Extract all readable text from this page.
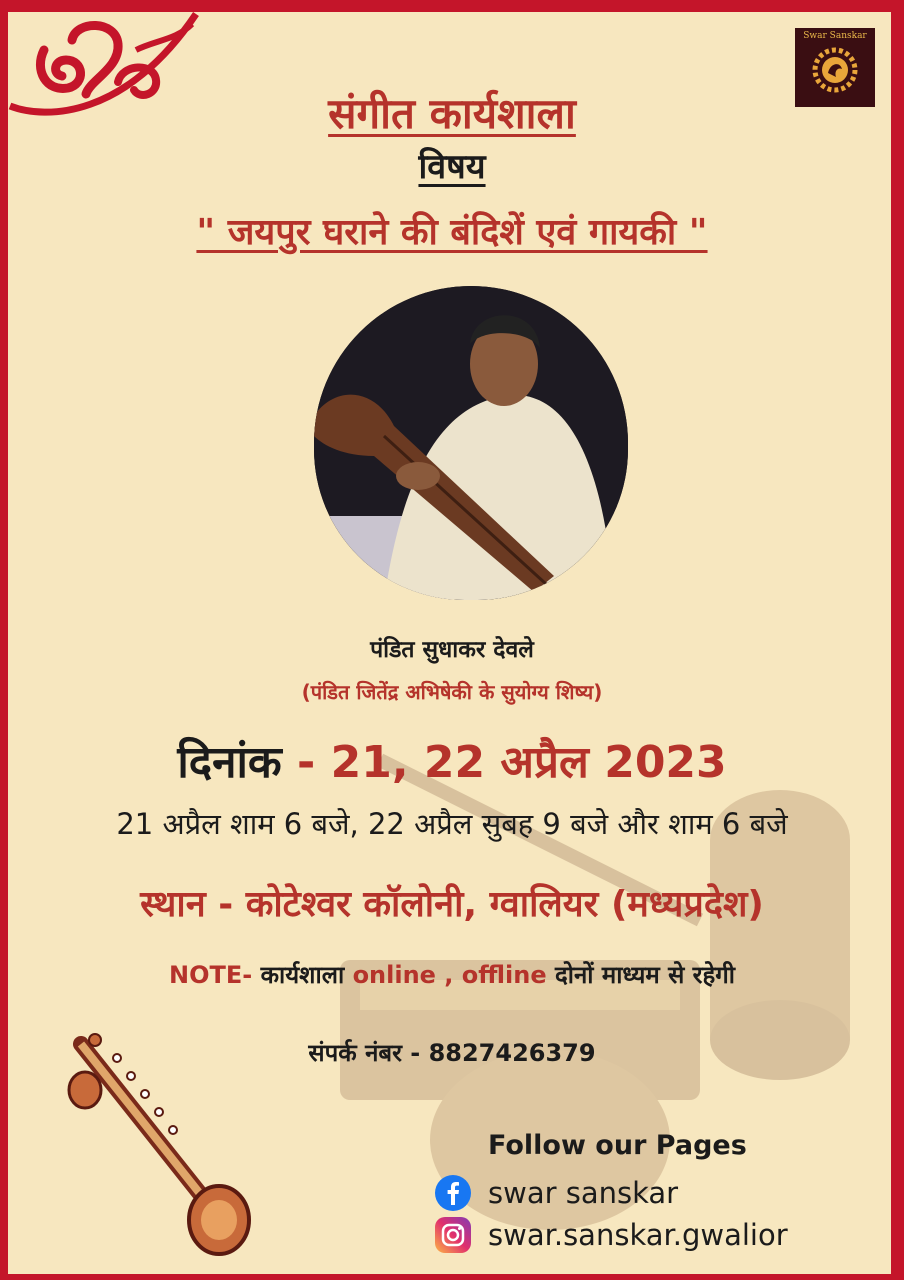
Swar Sanskar
संगीत कार्यशाला
विषय
" जयपुर घराने की बंदिशें एवं गायकी "
पंडित सुधाकर देवले
(पंडित जितेंद्र अभिषेकी के सुयोग्य शिष्य)
दिनांक - 21, 22 अप्रैल 2023
21 अप्रैल शाम 6 बजे, 22 अप्रैल सुबह 9 बजे और शाम 6 बजे
स्थान - कोटेश्वर कॉलोनी, ग्वालियर (मध्यप्रदेश)
NOTE- कार्यशाला online , offline दोनों माध्यम से रहेगी
संपर्क नंबर - 8827426379
Follow our Pages
swar sanskar
swar.sanskar.gwalior
